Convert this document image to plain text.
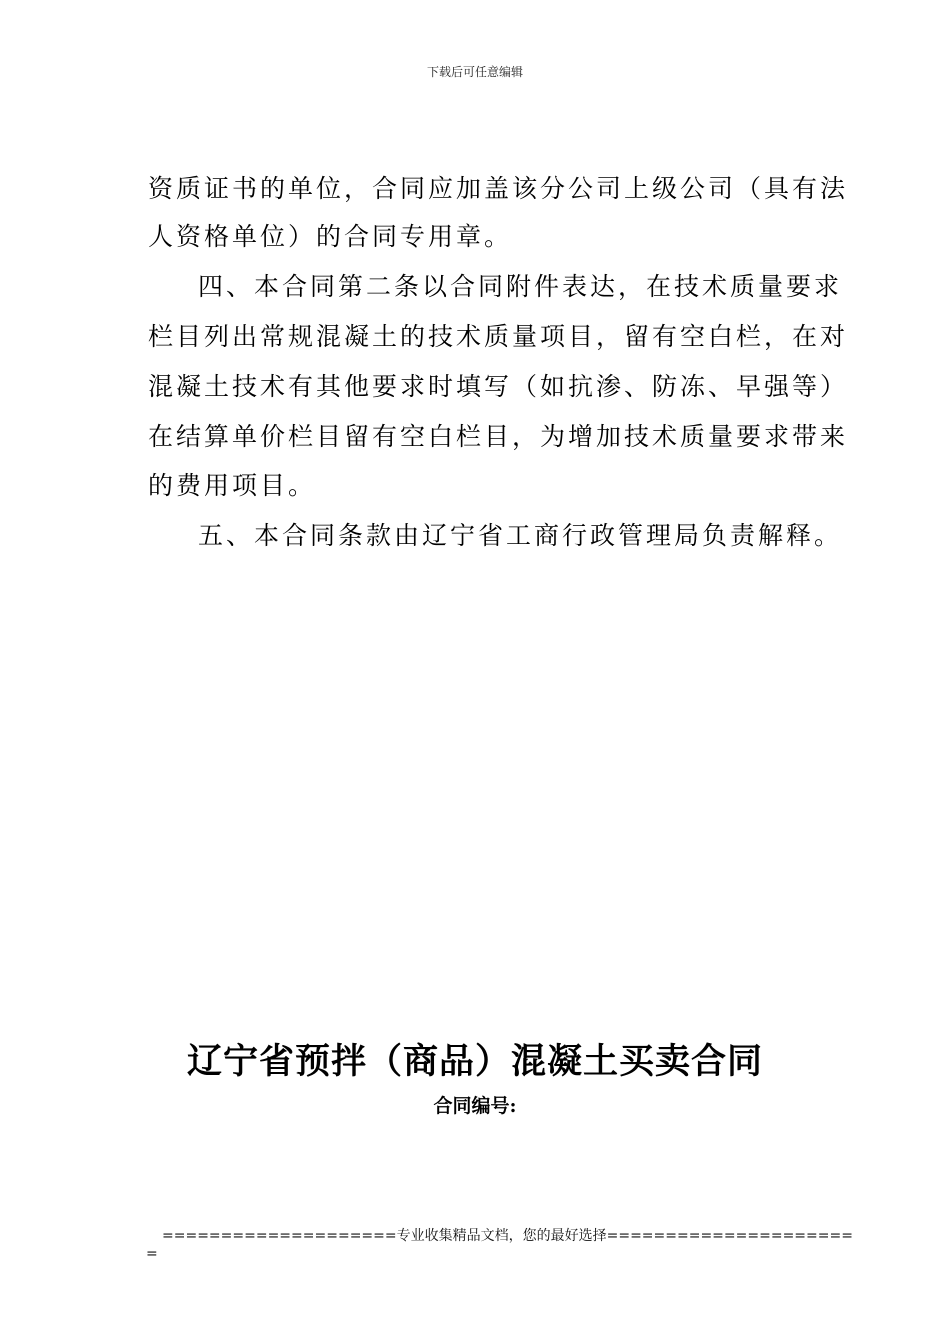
下载后可任意编辑
资质证书的单位，合同应加盖该分公司上级公司（具有法
人资格单位）的合同专用章。
四、本合同第二条以合同附件表达，在技术质量要求
栏目列出常规混凝土的技术质量项目，留有空白栏，在对
混凝土技术有其他要求时填写（如抗渗、防冻、早强等）
在结算单价栏目留有空白栏目，为增加技术质量要求带来
的费用项目。
五、本合同条款由辽宁省工商行政管理局负责解释。
辽宁省预拌（商品）混凝土买卖合同
合同编号:
====================专业收集精品文档，您的最好选择=====================
=
